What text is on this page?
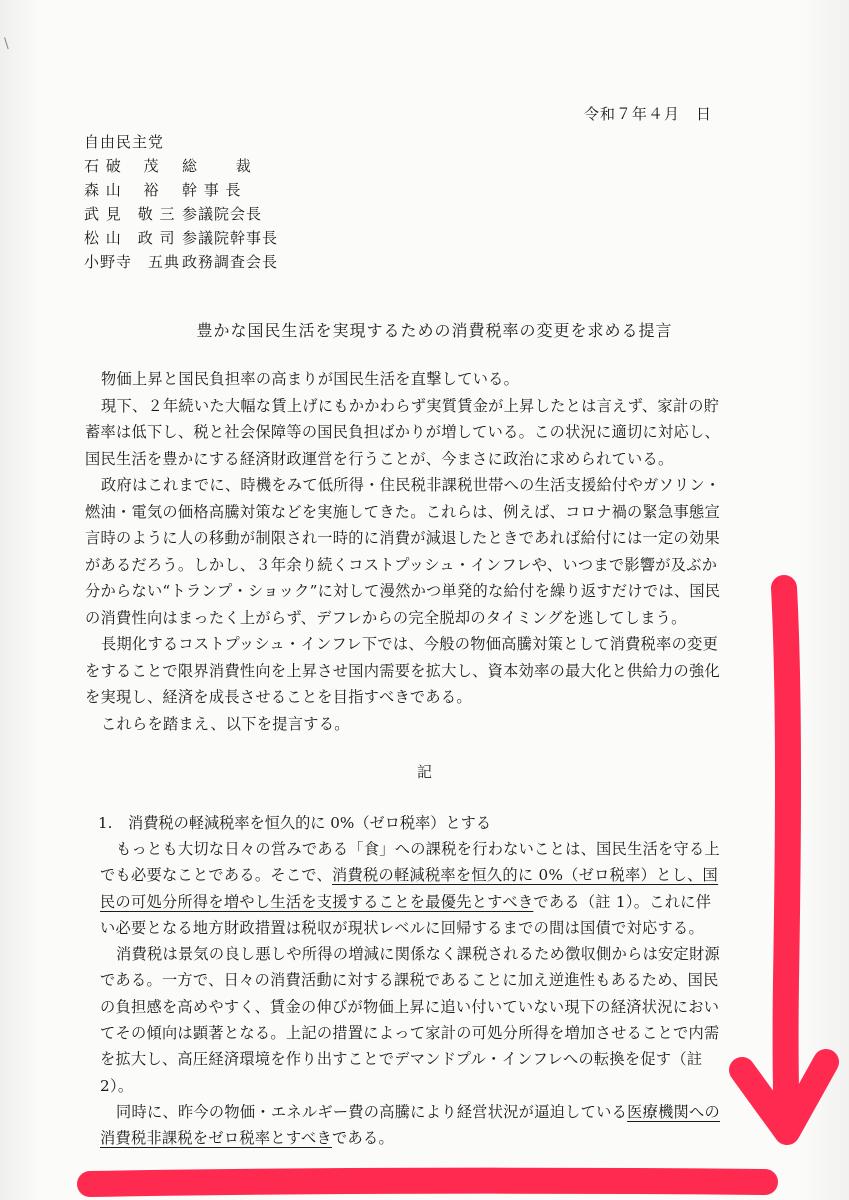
\
令和７年４月　日
自由民主党
石 破　 茂 総　　 裁
森 山　 裕 幹 事 長
武 見　敬 三 参議院会長
松 山　政 司 参議院幹事長
小野寺　五典 政務調査会長
豊かな国民生活を実現するための消費税率の変更を求める提言
物価上昇と国民負担率の高まりが国民生活を直撃している。
現下、２年続いた大幅な賃上げにもかかわらず実質賃金が上昇したとは言えず、家計の貯
蓄率は低下し、税と社会保障等の国民負担ばかりが増している。この状況に適切に対応し、
国民生活を豊かにする経済財政運営を行うことが、今まさに政治に求められている。
政府はこれまでに、時機をみて低所得・住民税非課税世帯への生活支援給付やガソリン・
燃油・電気の価格高騰対策などを実施してきた。これらは、例えば、コロナ禍の緊急事態宣
言時のように人の移動が制限され一時的に消費が減退したときであれば給付には一定の効果
があるだろう。しかし、３年余り続くコストプッシュ・インフレや、いつまで影響が及ぶか
分からない“トランプ・ショック”に対して漫然かつ単発的な給付を繰り返すだけでは、国民
の消費性向はまったく上がらず、デフレからの完全脱却のタイミングを逃してしまう。
長期化するコストプッシュ・インフレ下では、今般の物価高騰対策として消費税率の変更
をすることで限界消費性向を上昇させ国内需要を拡大し、資本効率の最大化と供給力の強化
を実現し、経済を成長させることを目指すべきである。
これらを踏まえ、以下を提言する。
記
1. 消費税の軽減税率を恒久的に 0%（ゼロ税率）とする
もっとも大切な日々の営みである「食」への課税を行わないことは、国民生活を守る上
でも必要なことである。そこで、消費税の軽減税率を恒久的に 0%（ゼロ税率）とし、国
民の可処分所得を増やし生活を支援することを最優先とすべきである（註 1）。これに伴
い必要となる地方財政措置は税収が現状レベルに回帰するまでの間は国債で対応する。
消費税は景気の良し悪しや所得の増減に関係なく課税されるため徴収側からは安定財源
である。一方で、日々の消費活動に対する課税であることに加え逆進性もあるため、国民
の負担感を高めやすく、賃金の伸びが物価上昇に追い付いていない現下の経済状況におい
てその傾向は顕著となる。上記の措置によって家計の可処分所得を増加させることで内需
を拡大し、高圧経済環境を作り出すことでデマンドプル・インフレへの転換を促す（註
2）。
同時に、昨今の物価・エネルギー費の高騰により経営状況が逼迫している医療機関への
消費税非課税をゼロ税率とすべきである。
